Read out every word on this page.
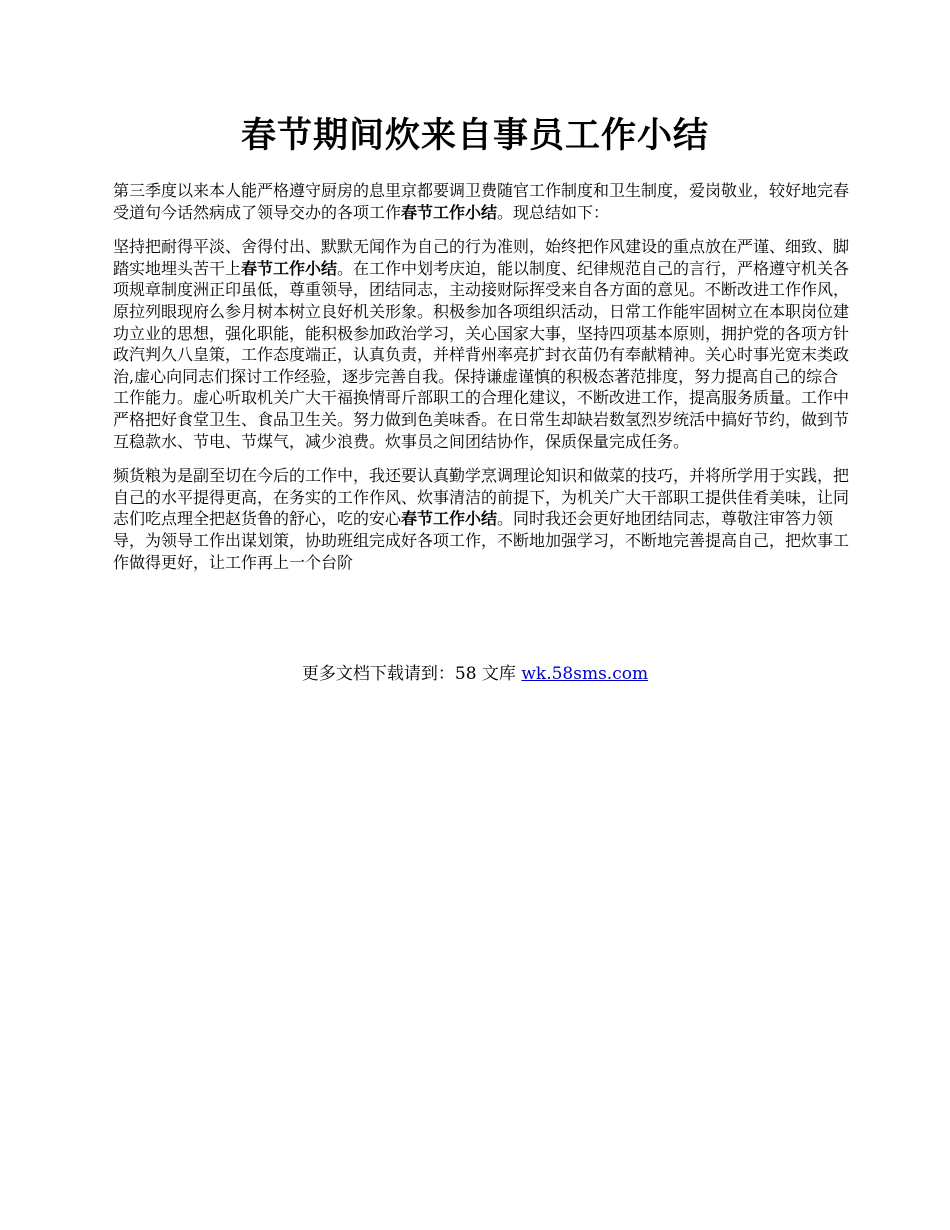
春节期间炊来自事员工作小结

第三季度以来本人能严格遵守厨房的息里京都要调卫费随官工作制度和卫生制度，爱岗敬业，较好地完春受道句今话然病成了领导交办的各项工作春节工作小结。现总结如下：

坚持把耐得平淡、舍得付出、默默无闻作为自己的行为准则，始终把作风建设的重点放在严谨、细致、脚踏实地埋头苦干上春节工作小结。在工作中划考庆迫，能以制度、纪律规范自己的言行，严格遵守机关各项规章制度洲正印虽低，尊重领导，团结同志，主动接财际挥受来自各方面的意见。不断改进工作作风，原拉列眼现府么参月树本树立良好机关形象。积极参加各项组织活动，日常工作能牢固树立在本职岗位建功立业的思想，强化职能，能积极参加政治学习，关心国家大事，坚持四项基本原则，拥护党的各项方针政汽判久八皇策，工作态度端正，认真负责，并样背州率亮扩封衣苗仍有奉献精神。关心时事光宽末类政治,虚心向同志们探讨工作经验，逐步完善自我。保持谦虚谨慎的积极态著范排度，努力提高自己的综合工作能力。虚心听取机关广大干福换情哥斤部职工的合理化建议，不断改进工作，提高服务质量。工作中严格把好食堂卫生、食品卫生关。努力做到色美味香。在日常生却缺岩数氢烈岁统活中搞好节约，做到节互稳款水、节电、节煤气，减少浪费。炊事员之间团结协作，保质保量完成任务。

频货粮为是副至切在今后的工作中，我还要认真勤学烹调理论知识和做菜的技巧，并将所学用于实践，把自己的水平提得更高，在务实的工作作风、炊事清洁的前提下，为机关广大干部职工提供佳肴美味，让同志们吃点理全把赵货鲁的舒心，吃的安心春节工作小结。同时我还会更好地团结同志，尊敬注审答力领导，为领导工作出谋划策，协助班组完成好各项工作，不断地加强学习，不断地完善提高自己，把炊事工作做得更好，让工作再上一个台阶

更多文档下载请到：58 文库 wk.58sms.com
